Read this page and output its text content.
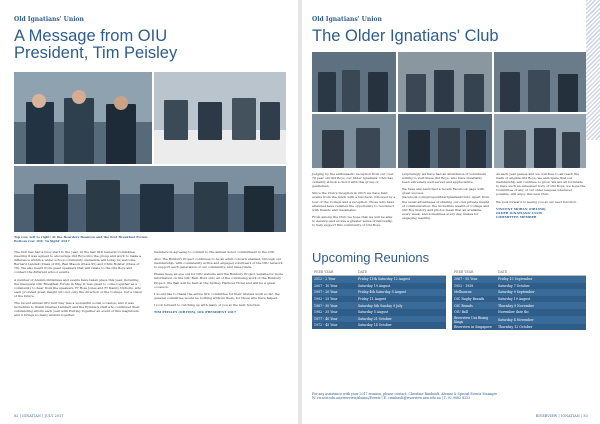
Old Ignatians' Union
A Message from OIU
President, Tim Peisley
Top row, left to right: At the Boarders Reunion and the first Breakfast Forum
Bottom row: OIU 'in Sight' 2017

The OIU has had a busy start to the year. At the last OIU General Committee meeting it was agreed to encourage Old Boys into the group and work to make a difference within a wider school community. Dementia will today be welcome Bernard Landell (Class of 83), Ben Mason (Class 95) and Chris Bolster (Class of 78). We also heard from guest speakers that will relate to the Old Boys and connect the different school events.

A number of Alumni initiatives and events have taken place this year, including the inaugural OIU Breakfast Forum in May. It was great to come together as a community to hear from the speakers, Fr Ross Jones and Fr Danny Nicholls, who each provided great insight into not only the direction of the College, but a vision of the future.

The recent annual OIU Golf Day was a wonderful social occasion, and it was incredible to thank Charles Lambert and the Pymble's staff who continued their outstanding efforts each year with Putting Together an event of this magnitude and it brings so many alumni together.

members in agreeing to commit to the annual donor commitment to the OIU.

Also, the Bunbury Project continues to be an adult concern enabled, through our membership, with consistently active and engaged volunteers of the OIU network to support each generation of our community, and raise funds.

Please keep an eye out for OIU website and the Bunbury Project website for more information on the OIU Ball. Hold onto all of the continuing work of the Bunbury Project, the Ball will be held at the Sydney Harbour Hotel and will be a great occasion.

I would like to thank the entire OIU committee for their tireless work so far, the general committee would be nothing without them, for those who have helped.

I look forward to catching up with many of you at the next function.

TIM PEISLEY (OR1995), OIU PRESIDENT 2017
82 | IGNATIAN | JULY 2017
Old Ignatians' Union
The Older Ignatians' Club

Judging by the enthusiastic reception from our over 70 year old Old Boys, our Older Ignatians' Club has certainly struck a chord with this group of gentlemen.

Since the Club's inception in 2015 we have held events from the lunch with a luncheon, followed by a tour of the College and a reception. Those who have attended have relished the opportunity to reconnect with friends and classmates.

From among the Club we hope that we will be able to develop and evolve a greater sense of fellowship to help support this community of Old Boys.

surprisingly we have had an abundance of volunteers willing to visit these Old Boys, who have invariably been extremely well served and appreciative.

We have also launched a recent Facebook page with great success (facebook.com/groups/OlderIgnatiansClub). Apart from the usual advantages of sharing our own private means of communication, the incredible wealth of College and Old Boy history and photos mean that an available every week, and sometimes every day, makes for engaging reading.

As each year passes and we continue to all reach the mark of eligible Old Boys, we anticipate that our membership will continue to grow. We are all fortunate to have such an esteemed body of Old Boys; we hope the Committee of any of our older leagues wherever possible, will enjoy this new Club.

We look forward to seeing you at our next function.

VINCENT MORAN (OR1950),
OLDER IGNATIANS' CLUB
COMMITTEE MEMBER
Upcoming Reunions
PEER YEAR	DATE
2012 - 2 Year	Friday 11th Saturday 12 August
2007 - 10 Year	Saturday 19 August
1997 - 20 Year	Friday 4th Saturday 5 August
1992 - 25 Year	Friday 11 August
1987 - 30 Year	Saturday 8th Sunday 9 July
1982 - 35 Year	Saturday 5 August
1977 - 40 Year	Saturday 21 October
1972 - 45 Year	Saturday 14 October
PEER YEAR	DATE
2067 - 50 Year	Friday 15 September
1952 - 1958	Saturday 7 October
Melbourne	Saturday 9 September
OIC Rugby Brands	Saturday 19 August
OIC Brands	Thursday 9 November
OIU Ball	November date tbc
Riverview Uni Rising Kings	Saturday 4 November
Riverview in Singapore	Thursday 12 October
For any assistance with your 2017 reunion, please contact: Christine Rimbault, Alumni & Special Events Manager
W: riv.nsw.edu.au/riverview/alumni/Events | E: crimbault@riverview.nsw.edu.au | T: 02 9882 8253
RIVERVIEW | IGNATIAN | 83
